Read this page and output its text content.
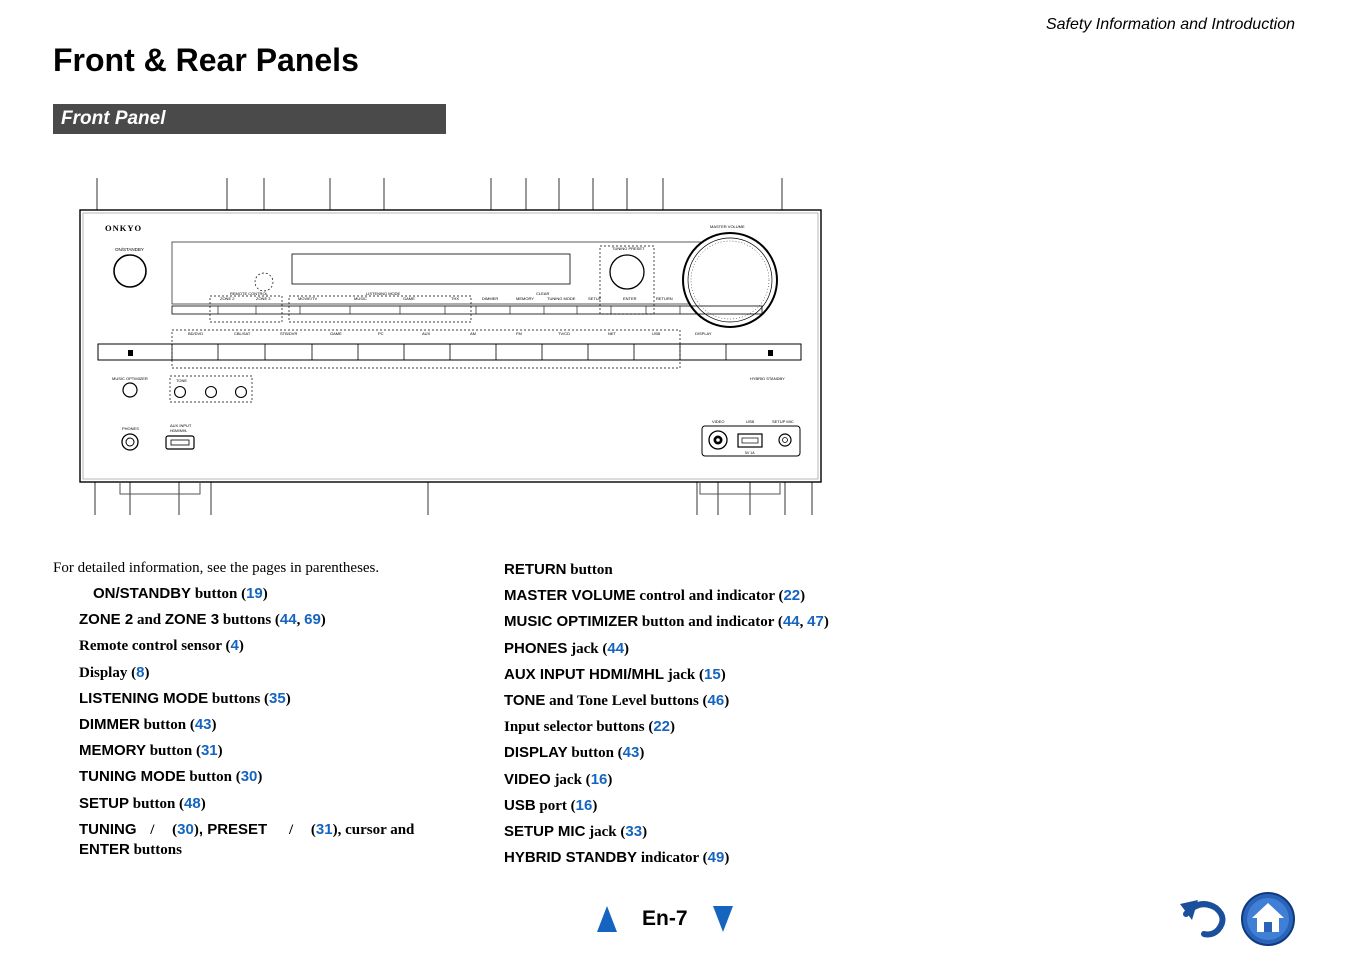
Safety Information and Introduction
Front & Rear Panels
Front Panel
ONKYO
ON/STANDBY
ZONE 2	ZONE 3
REMOTE CONTROL
MOVIE/TV	MUSIC	GAME	THX
LISTENING MODE
DIMMER	MEMORY
CLEAR
TUNING MODE	SETUP	ENTER	RETURN
TUNING PRESET
MASTER VOLUME
BD/DVD	CBL/SAT	STB/DVR	GAME	PC	AUX	AM	FM	TV/CD	NET	USB	DISPLAY
HYBRID STANDBY
MUSIC OPTIMIZER	TONE
PHONES
AUX INPUT
HDMI/MHL
VIDEO	USB	SETUP MIC
5V 1A
For detailed information, see the pages in parentheses.
ON/STANDBY button (19)
ZONE 2 and ZONE 3 buttons (44, 69)
Remote control sensor (4)
Display (8)
LISTENING MODE buttons (35)
DIMMER button (43)
MEMORY button (31)
TUNING MODE button (30)
SETUP button (48)
TUNING / (30), PRESET / (31), cursor and
ENTER buttons
RETURN button
MASTER VOLUME control and indicator (22)
MUSIC OPTIMIZER button and indicator (44, 47)
PHONES jack (44)
AUX INPUT HDMI/MHL jack (15)
TONE and Tone Level buttons (46)
Input selector buttons (22)
DISPLAY button (43)
VIDEO jack (16)
USB port (16)
SETUP MIC jack (33)
HYBRID STANDBY indicator (49)
En-7
